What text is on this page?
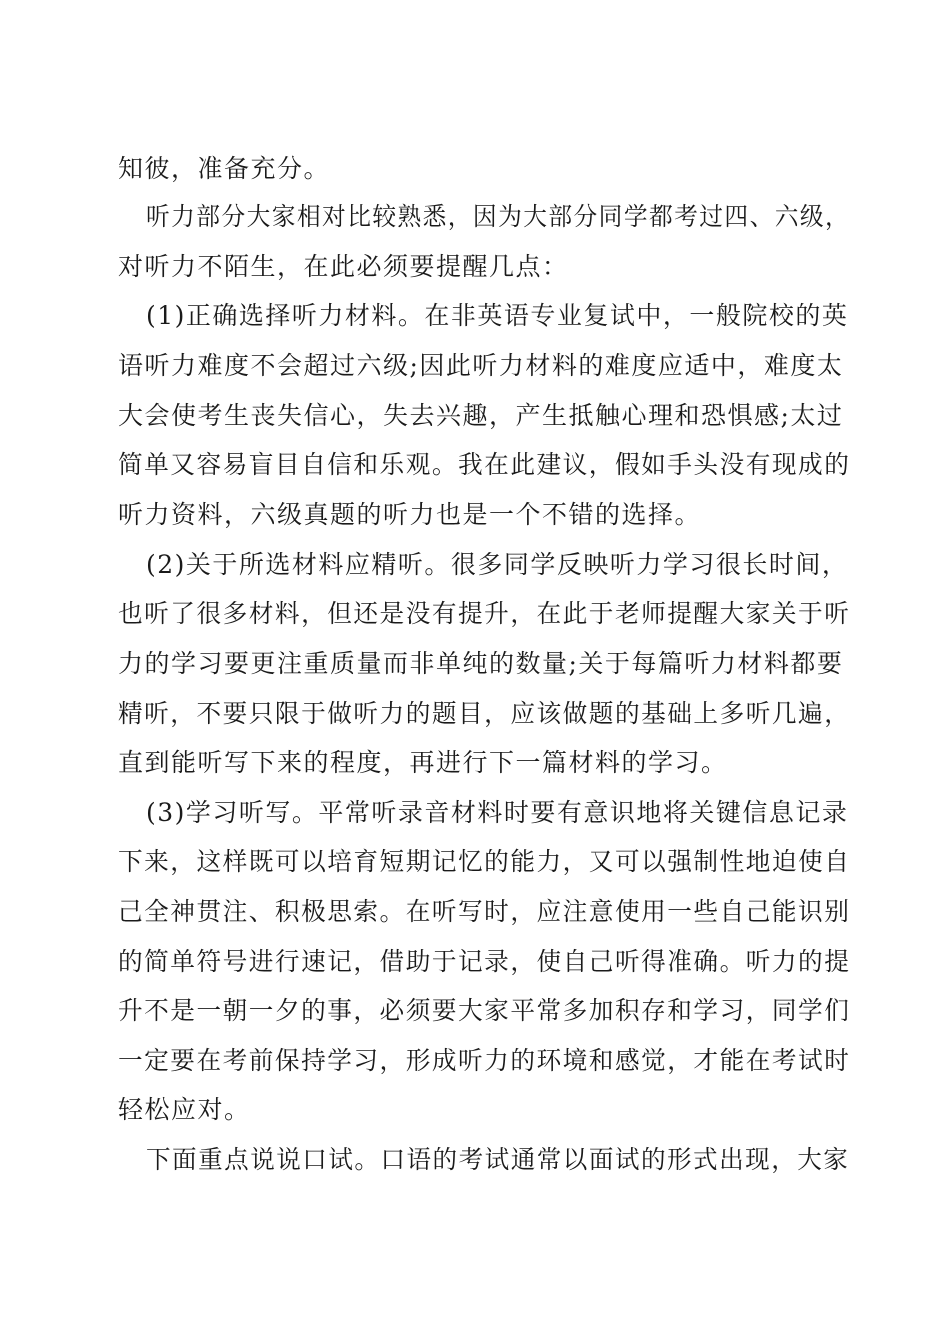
知彼，准备充分。
听力部分大家相对比较熟悉，因为大部分同学都考过四、六级，
对听力不陌生，在此必须要提醒几点：
(1)正确选择听力材料。在非英语专业复试中，一般院校的英
语听力难度不会超过六级;因此听力材料的难度应适中，难度太
大会使考生丧失信心，失去兴趣，产生抵触心理和恐惧感;太过
简单又容易盲目自信和乐观。我在此建议，假如手头没有现成的
听力资料，六级真题的听力也是一个不错的选择。
(2)关于所选材料应精听。很多同学反映听力学习很长时间，
也听了很多材料，但还是没有提升，在此于老师提醒大家关于听
力的学习要更注重质量而非单纯的数量;关于每篇听力材料都要
精听，不要只限于做听力的题目，应该做题的基础上多听几遍，
直到能听写下来的程度，再进行下一篇材料的学习。
(3)学习听写。平常听录音材料时要有意识地将关键信息记录
下来，这样既可以培育短期记忆的能力，又可以强制性地迫使自
己全神贯注、积极思索。在听写时，应注意使用一些自己能识别
的简单符号进行速记，借助于记录，使自己听得准确。听力的提
升不是一朝一夕的事，必须要大家平常多加积存和学习，同学们
一定要在考前保持学习，形成听力的环境和感觉，才能在考试时
轻松应对。
下面重点说说口试。口语的考试通常以面试的形式出现，大家
